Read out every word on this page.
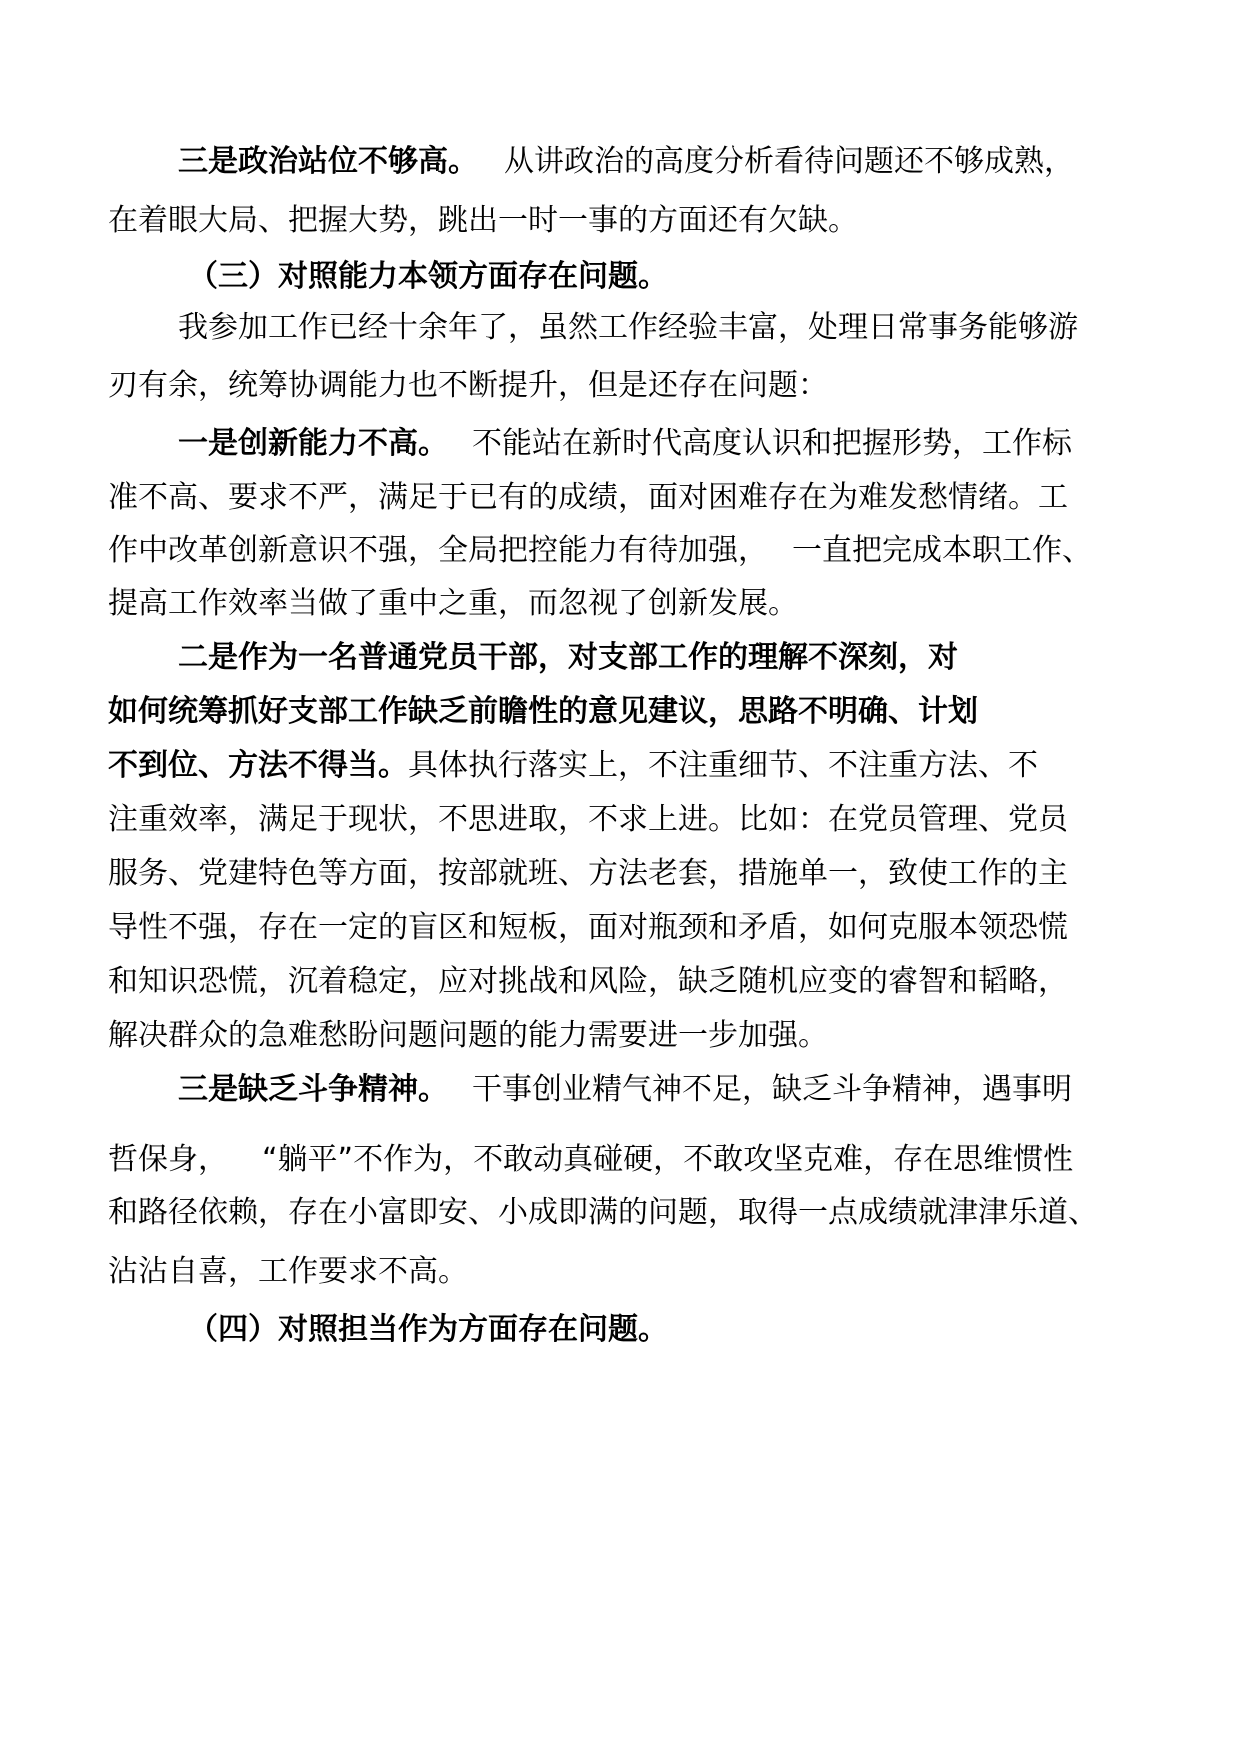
三是政治站位不够高。 从讲政治的高度分析看待问题还不够成熟，
在着眼大局、把握大势，跳出一时一事的方面还有欠缺。
（三）对照能力本领方面存在问题。
我参加工作已经十余年了，虽然工作经验丰富，处理日常事务能够游
刃有余，统筹协调能力也不断提升，但是还存在问题：
一是创新能力不高。 不能站在新时代高度认识和把握形势，工作标
准不高、要求不严，满足于已有的成绩，面对困难存在为难发愁情绪。工
作中改革创新意识不强，全局把控能力有待加强， 一直把完成本职工作、
提高工作效率当做了重中之重，而忽视了创新发展。
二是作为一名普通党员干部，对支部工作的理解不深刻，对
如何统筹抓好支部工作缺乏前瞻性的意见建议，思路不明确、计划
不到位、方法不得当。具体执行落实上，不注重细节、不注重方法、不
注重效率，满足于现状，不思进取，不求上进。比如：在党员管理、党员
服务、党建特色等方面，按部就班、方法老套，措施单一，致使工作的主
导性不强，存在一定的盲区和短板，面对瓶颈和矛盾，如何克服本领恐慌
和知识恐慌，沉着稳定，应对挑战和风险，缺乏随机应变的睿智和韬略，
解决群众的急难愁盼问题问题的能力需要进一步加强。
三是缺乏斗争精神。 干事创业精气神不足，缺乏斗争精神，遇事明
哲保身， “躺平”不作为，不敢动真碰硬，不敢攻坚克难，存在思维惯性
和路径依赖，存在小富即安、小成即满的问题，取得一点成绩就津津乐道、
沾沾自喜，工作要求不高。
（四）对照担当作为方面存在问题。
